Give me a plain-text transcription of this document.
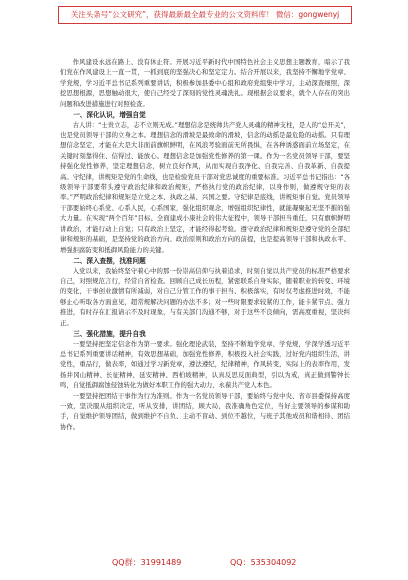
关注头条号“公文研究”，获得最新最全最专业的公文资料库！ 微信：gongwenyj

作风建设永远在路上、没有休止符。开展习近平新时代中国特色社会主义思想主题教育，暗示了我们党在作风建设上一直一贯，一抓到底的坚强决心和坚定定力。结合开展以来，我坚持不懈地学党章、学党规，学习近平总书记系列重要讲话，积极参加县委中心组和政府党组集中学习，主动深查细照，深挖思想根源，思想触动很大，使自己经受了深刻的党性灵魂洗礼。现根据会议要求，就个人存在的突出问题和改进措施进行对照检查。

一、深化认识，增强自觉

古人讲：“士贵立志，志不立则无成。”理想信念是统帅共产党人灵魂的精神支柱，是人的“总开关”，也是党员领导干部的立身之本。理想信念的滑坡是最致命的滑坡，信念的动摇是最危险的动摇。只有理想信念坚定，才能在大是大非面前旗帜鲜明，在风浪考验面前无所畏惧，在各种诱惑面前立场坚定，在关键时刻靠得住、信得过、能放心。理想信念是加强党性修养的第一课。作为一名党员领导干部，要坚持强化党性修养，坚定理想信念，树立良好作风，从而实现自我净化、自我完善、自我革新、自我提高。守纪律，讲规矩是党的生命线，也是检验党员干部对党忠诚度的重要标准。习近平总书记指出：“各级领导干部要带头遵守政治纪律和政治规矩，严格执行党的政治纪律，以身作则，做遵规守矩的表率。”严明政治纪律和规矩是立党之本、执政之基、兴国之要。守纪律是底线，讲规矩事自觉。党员领导干部要始终心系党、心系人民，心系国家，强化组织观念，增强组织纪律性，就能凝聚起无坚不摧的强大力量。在实现“两个百年”目标、全面建成小康社会的伟大征程中，领导干部担当重任，只有旗帜鲜明讲政治，才能行动上自觉；只有政治上坚定，才能经得起考验。遵守政治纪律和规矩是遵守党的全部纪律和规矩的基础，是坚持党的政治方向、政治原则和政治方向的前提，也是提高领导干部和执政水平、增强拒腐防变和抵御风险能力的关键。

二、深入查摆，找准问题

入党以来，我始终坚守着心中的那一份崇高信仰与执着追求，时刻自觉以共产党员的标准严格要求自己，对照规范言行，经常自省检查。回顾自己成长历程，紧密联系自身实际，随着职业的转变、环境的变化，干事创业激情有所减弱，对自己分管工作的事干担当、积极落实，有时仅考虑推进时效，不能够止心听取各方面意见，超常规解决问题的办法不多；对一些时限要求较紧的工作，能卡紧节点、强力推进，有时存在汇报请示不及时现象，与有关部门沟通不够，对于这些不良倾向，需高度重视，坚决纠正。

三、强化措施，提升自我

一要坚持把坚定信念作为第一要求。强化理论武装，坚持不断地学党章、学党规，学深学透习近平总书记系列重要讲话精神，有效思想基础，加强党性修养，积极投入社会实践，过好党内组织生活，讲党性，重品行，做表率，如通过学习新党章，遵法遵纪，纪律精神，作风转变，实际上的表率作用，发扬井冈山精神、长征精神、延安精神、西柏坡精神，认真反思反面典型，引以为戒，真正做到警钟长鸣，自觉抵御腐蚀侵蚀转化为做好本职工作的强大动力，永葆共产党人本色。

一要坚持把团结干事作为行为准则。作为一名党员领导干部，要始终与党中央、省市县委保持高度一致，坚决服从组织决定，听从安排，讲团结，顾大局，我准确角色定位，当好主要领导的参谋和助手，自觉维护领导团结，做到维护不自负、主动不盲动、到位不越位，与班子其他成员和谐相待、团结协作。

QQ群：31991489	QQ：535304092
